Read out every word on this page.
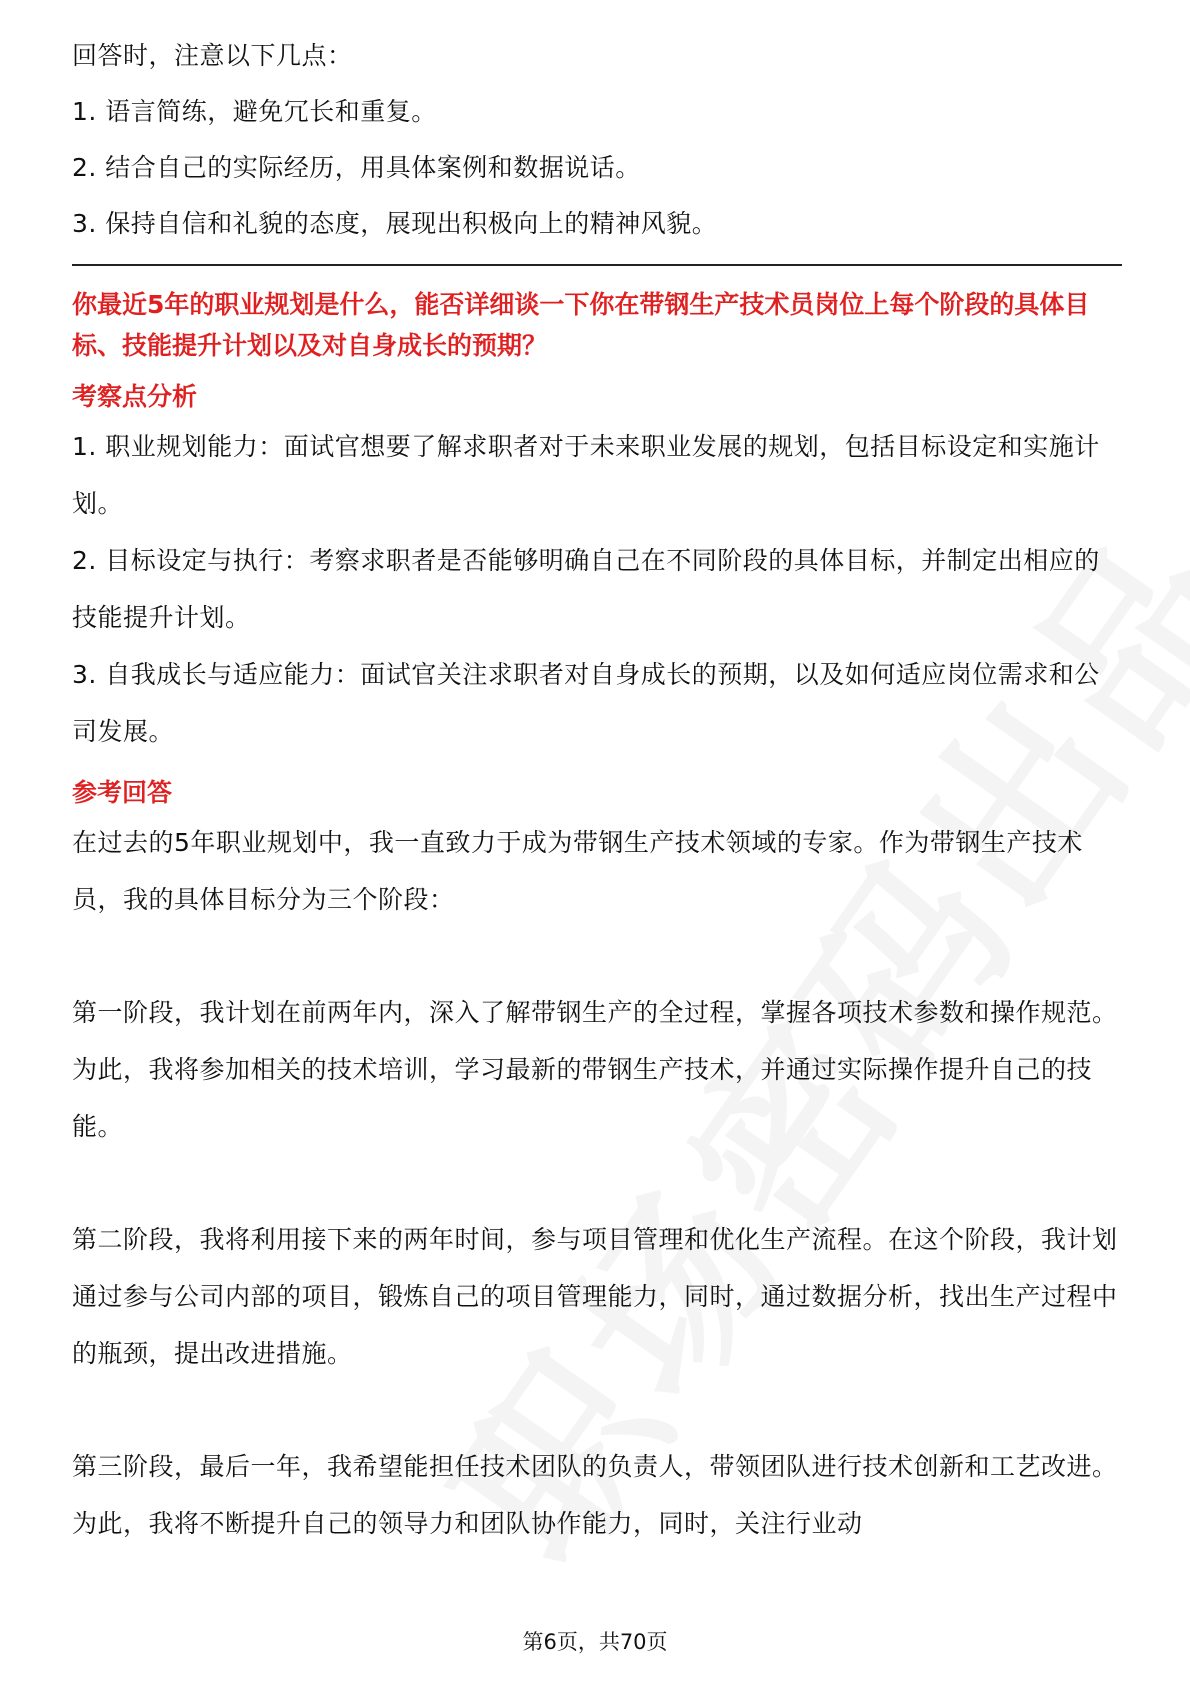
回答时，注意以下几点：

1. 语言简练，避免冗长和重复。

2. 结合自己的实际经历，用具体案例和数据说话。

3. 保持自信和礼貌的态度，展现出积极向上的精神风貌。

你最近5年的职业规划是什么，能否详细谈一下你在带钢生产技术员岗位上每个阶段的具体目标、技能提升计划以及对自身成长的预期？

考察点分析

1. 职业规划能力：面试官想要了解求职者对于未来职业发展的规划，包括目标设定和实施计划。

2. 目标设定与执行：考察求职者是否能够明确自己在不同阶段的具体目标，并制定出相应的技能提升计划。

3. 自我成长与适应能力：面试官关注求职者对自身成长的预期，以及如何适应岗位需求和公司发展。

参考回答

在过去的5年职业规划中，我一直致力于成为带钢生产技术领域的专家。作为带钢生产技术员，我的具体目标分为三个阶段：

第一阶段，我计划在前两年内，深入了解带钢生产的全过程，掌握各项技术参数和操作规范。为此，我将参加相关的技术培训，学习最新的带钢生产技术，并通过实际操作提升自己的技能。

第二阶段，我将利用接下来的两年时间，参与项目管理和优化生产流程。在这个阶段，我计划通过参与公司内部的项目，锻炼自己的项目管理能力，同时，通过数据分析，找出生产过程中的瓶颈，提出改进措施。

第三阶段，最后一年，我希望能担任技术团队的负责人，带领团队进行技术创新和工艺改进。为此，我将不断提升自己的领导力和团队协作能力，同时，关注行业动

第6页，共70页
